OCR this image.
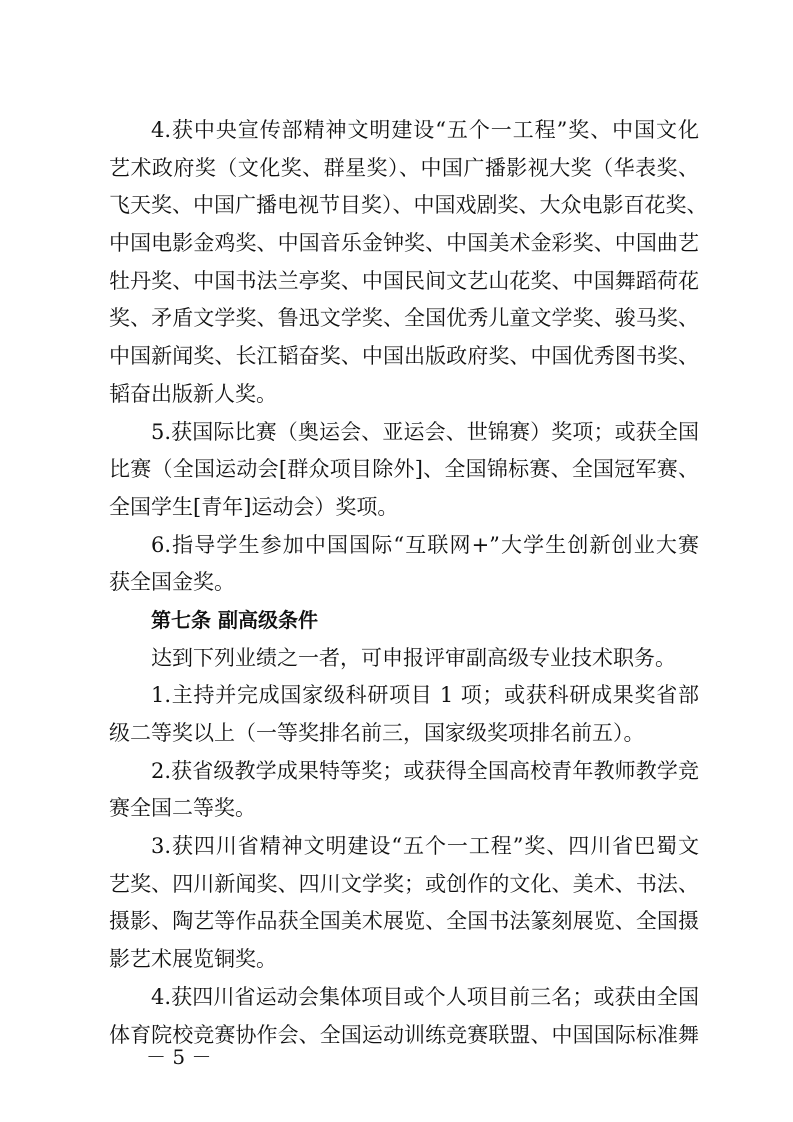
4.获中央宣传部精神文明建设“五个一工程”奖、中国文化
艺术政府奖（文化奖、群星奖）、中国广播影视大奖（华表奖、
飞天奖、中国广播电视节目奖）、中国戏剧奖、大众电影百花奖、
中国电影金鸡奖、中国音乐金钟奖、中国美术金彩奖、中国曲艺
牡丹奖、中国书法兰亭奖、中国民间文艺山花奖、中国舞蹈荷花
奖、矛盾文学奖、鲁迅文学奖、全国优秀儿童文学奖、骏马奖、
中国新闻奖、长江韬奋奖、中国出版政府奖、中国优秀图书奖、
韬奋出版新人奖。
5.获国际比赛（奥运会、亚运会、世锦赛）奖项；或获全国
比赛（全国运动会[群众项目除外]、全国锦标赛、全国冠军赛、
全国学生[青年]运动会）奖项。
6.指导学生参加中国国际“互联网+”大学生创新创业大赛
获全国金奖。
第七条 副高级条件
达到下列业绩之一者，可申报评审副高级专业技术职务。
1.主持并完成国家级科研项目 1 项；或获科研成果奖省部
级二等奖以上（一等奖排名前三，国家级奖项排名前五）。
2.获省级教学成果特等奖；或获得全国高校青年教师教学竞
赛全国二等奖。
3.获四川省精神文明建设“五个一工程”奖、四川省巴蜀文
艺奖、四川新闻奖、四川文学奖；或创作的文化、美术、书法、
摄影、陶艺等作品获全国美术展览、全国书法篆刻展览、全国摄
影艺术展览铜奖。
4.获四川省运动会集体项目或个人项目前三名；或获由全国
体育院校竞赛协作会、全国运动训练竞赛联盟、中国国际标准舞
－ 5 －
